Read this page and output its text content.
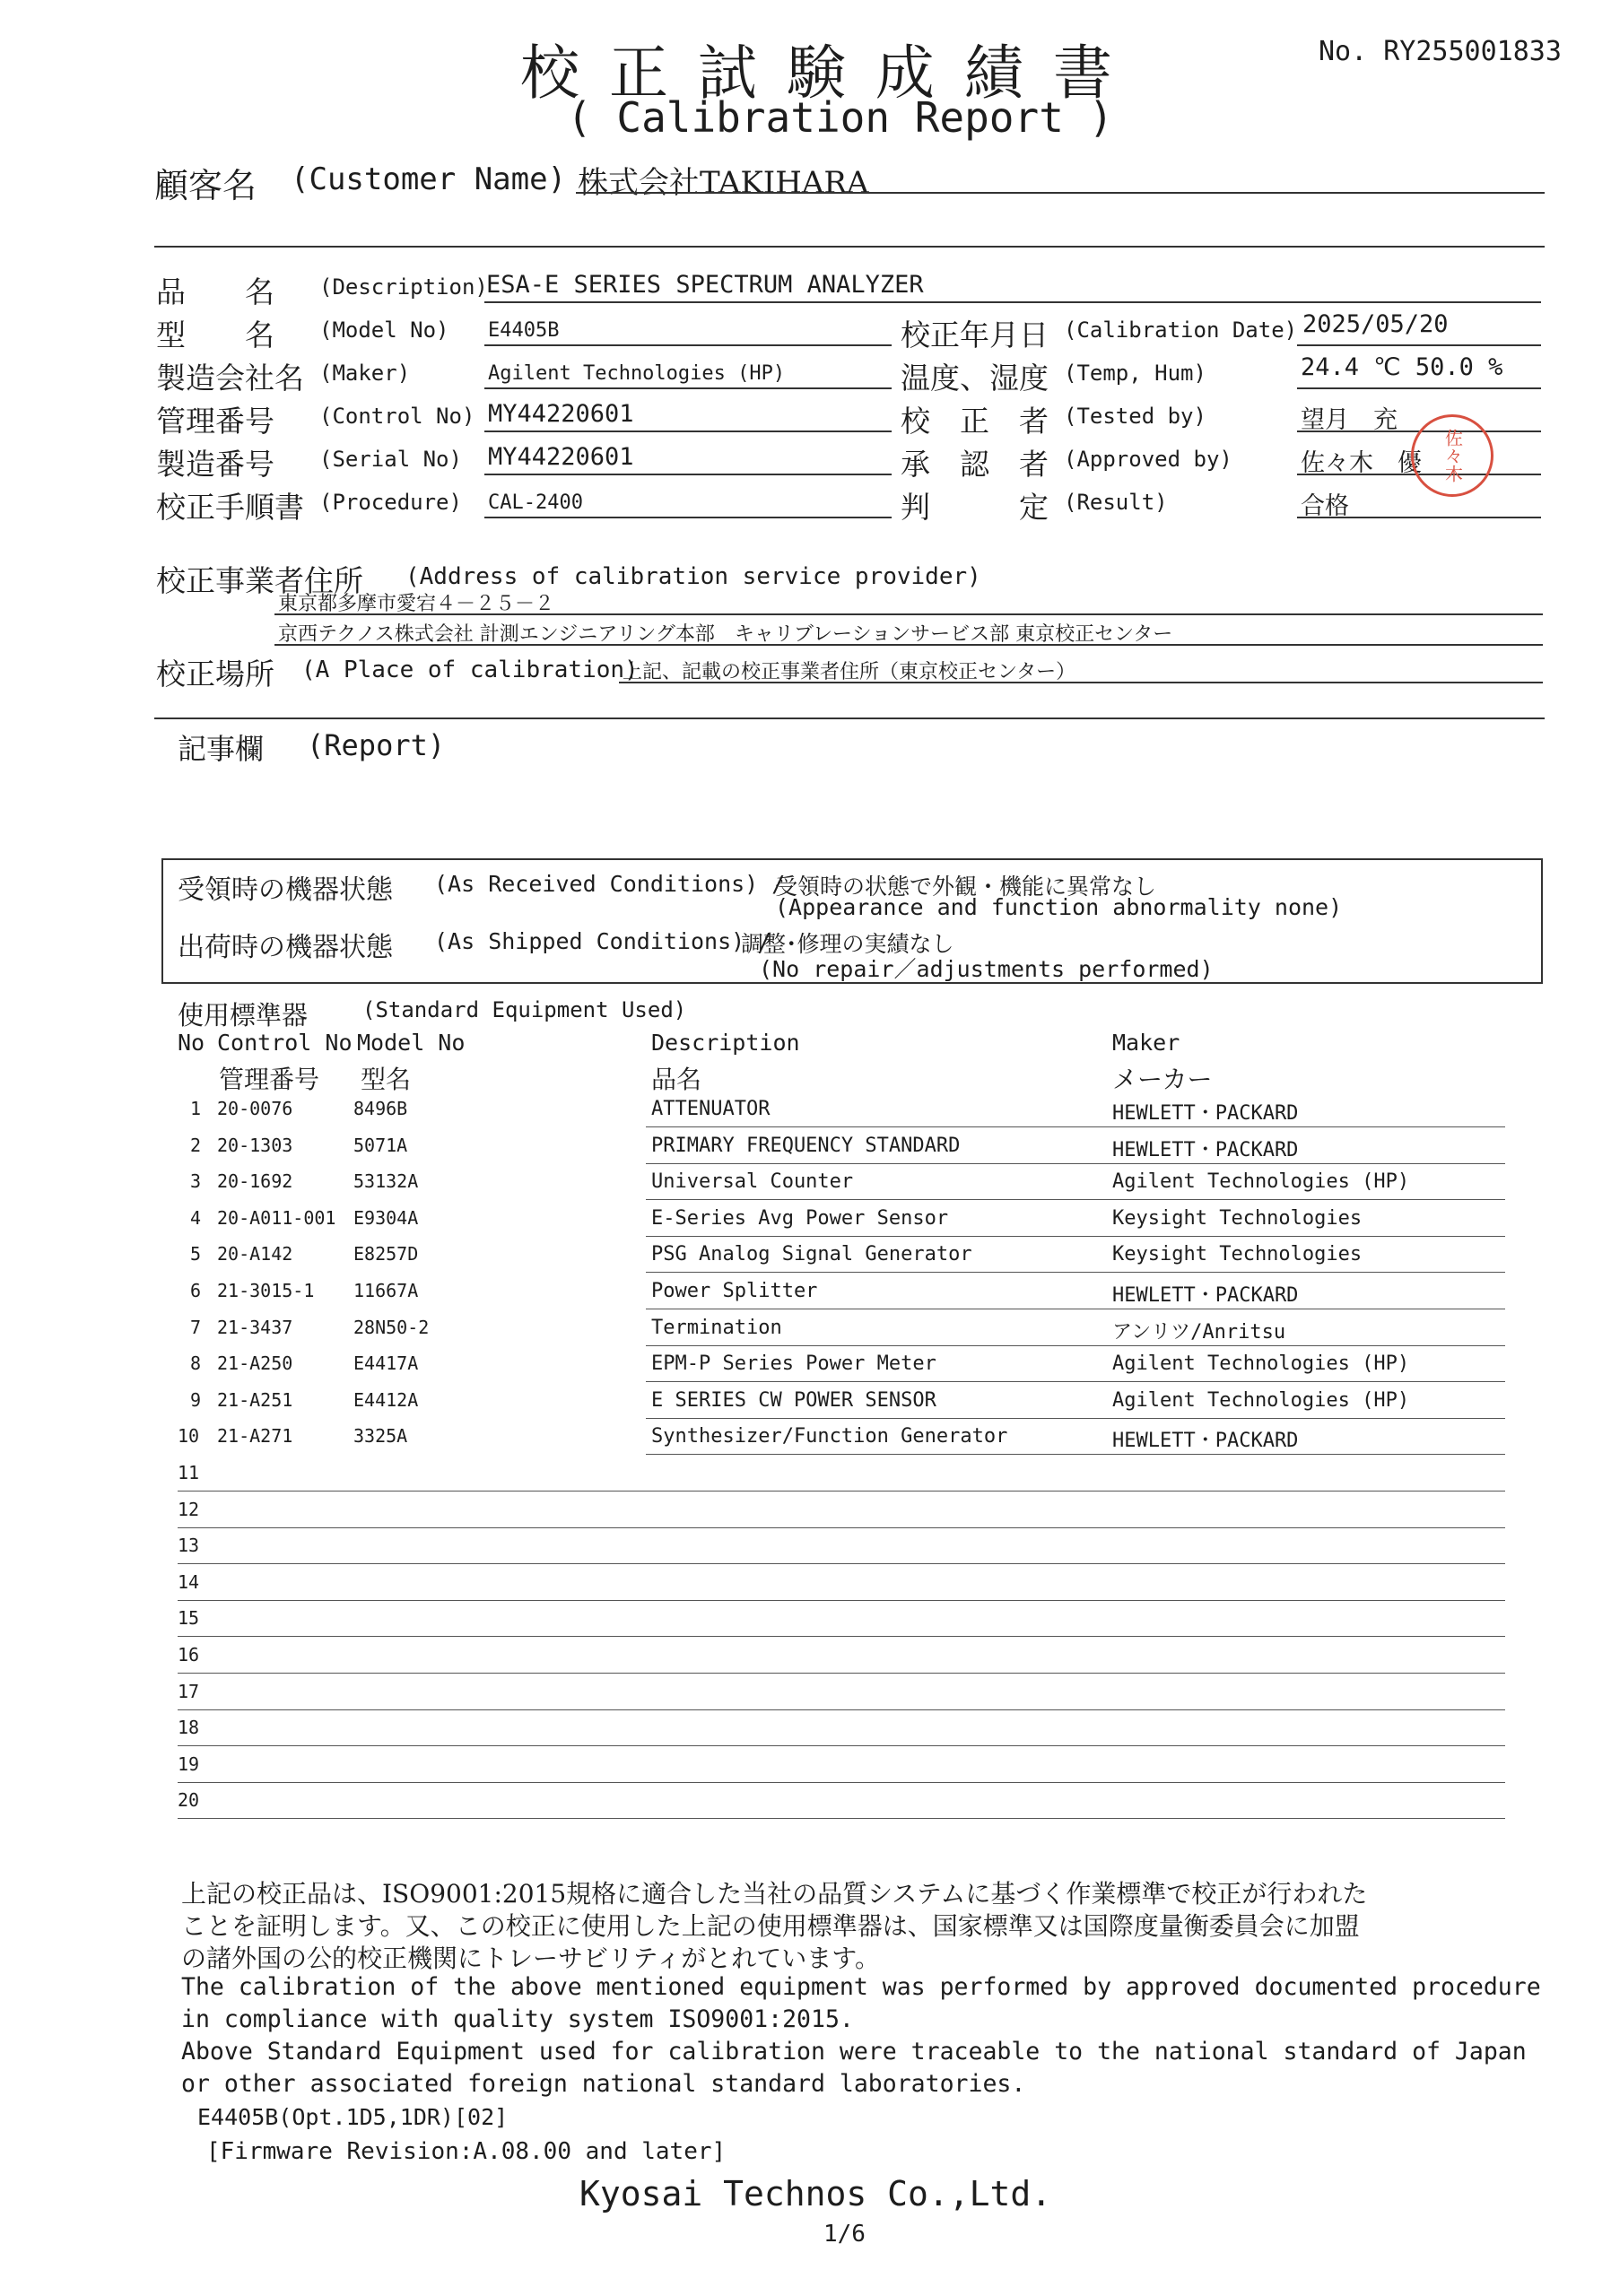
校 正 試 験 成 績 書
( Calibration Report )
No. RY255001833
顧客名 (Customer Name) 株式会社TAKIHARA
品　　名 (Description)
ESA-E SERIES SPECTRUM ANALYZER
型　　名 (Model No) E4405B
製造会社名 (Maker)	Agilent Technologies (HP)
管理番号 (Control No) MY44220601
製造番号 (Serial No) MY44220601
校正手順書 (Procedure) CAL-2400
校正年月日 (Calibration Date) 2025/05/20
温度、湿度 (Temp, Hum)	24.4 ℃ 50.0 %
校　正　者 (Tested by)	望月　充
承　認　者 (Approved by)	佐々木　優
判　　　定 (Result)	合格
佐々木
校正事業者住所 (Address of calibration service provider)
東京都多摩市愛宕４－２５－２
京西テクノス株式会社 計測エンジニアリング本部　キャリブレーションサービス部 東京校正センター
校正場所 (A Place of calibration)
上記、記載の校正事業者住所（東京校正センター）
記事欄 (Report)
受領時の機器状態 (As Received Conditions) /
受領時の状態で外観・機能に異常なし
(Appearance and function abnormality none)
出荷時の機器状態 (As Shipped Conditions) /
調整･修理の実績なし
(No repair／adjustments performed)
使用標準器	(Standard Equipment Used)
No Control No Model No	Description	Maker
管理番号 型名	品名	メーカー
1 20-0076	8496B	ATTENUATOR	HEWLETT・PACKARD
2 20-1303	5071A	PRIMARY FREQUENCY STANDARD	HEWLETT・PACKARD
3 20-1692	53132A	Universal Counter	Agilent Technologies (HP)
4 20-A011-001 E9304A	E-Series Avg Power Sensor	Keysight Technologies
5 20-A142	E8257D	PSG Analog Signal Generator	Keysight Technologies
6 21-3015-1 11667A	Power Splitter	HEWLETT・PACKARD
7 21-3437	28N50-2	Termination	アンリツ/Anritsu
8 21-A250	E4417A	EPM-P Series Power Meter	Agilent Technologies (HP)
9 21-A251	E4412A	E SERIES CW POWER SENSOR	Agilent Technologies (HP)
10 21-A271	3325A	Synthesizer/Function Generator	HEWLETT・PACKARD
11
12
13
14
15
16
17
18
19
20
上記の校正品は、ISO9001:2015規格に適合した当社の品質システムに基づく作業標準で校正が行われた
ことを証明します。又、この校正に使用した上記の使用標準器は、国家標準又は国際度量衡委員会に加盟
の諸外国の公的校正機関にトレーサビリティがとれています。
The calibration of the above mentioned equipment was performed by approved documented procedure
in compliance with quality system ISO9001:2015.
Above Standard Equipment used for calibration were traceable to the national standard of Japan
or other associated foreign national standard laboratories.
E4405B(Opt.1D5,1DR)[02]
[Firmware Revision:A.08.00 and later]
Kyosai Technos Co.,Ltd.
1/6
